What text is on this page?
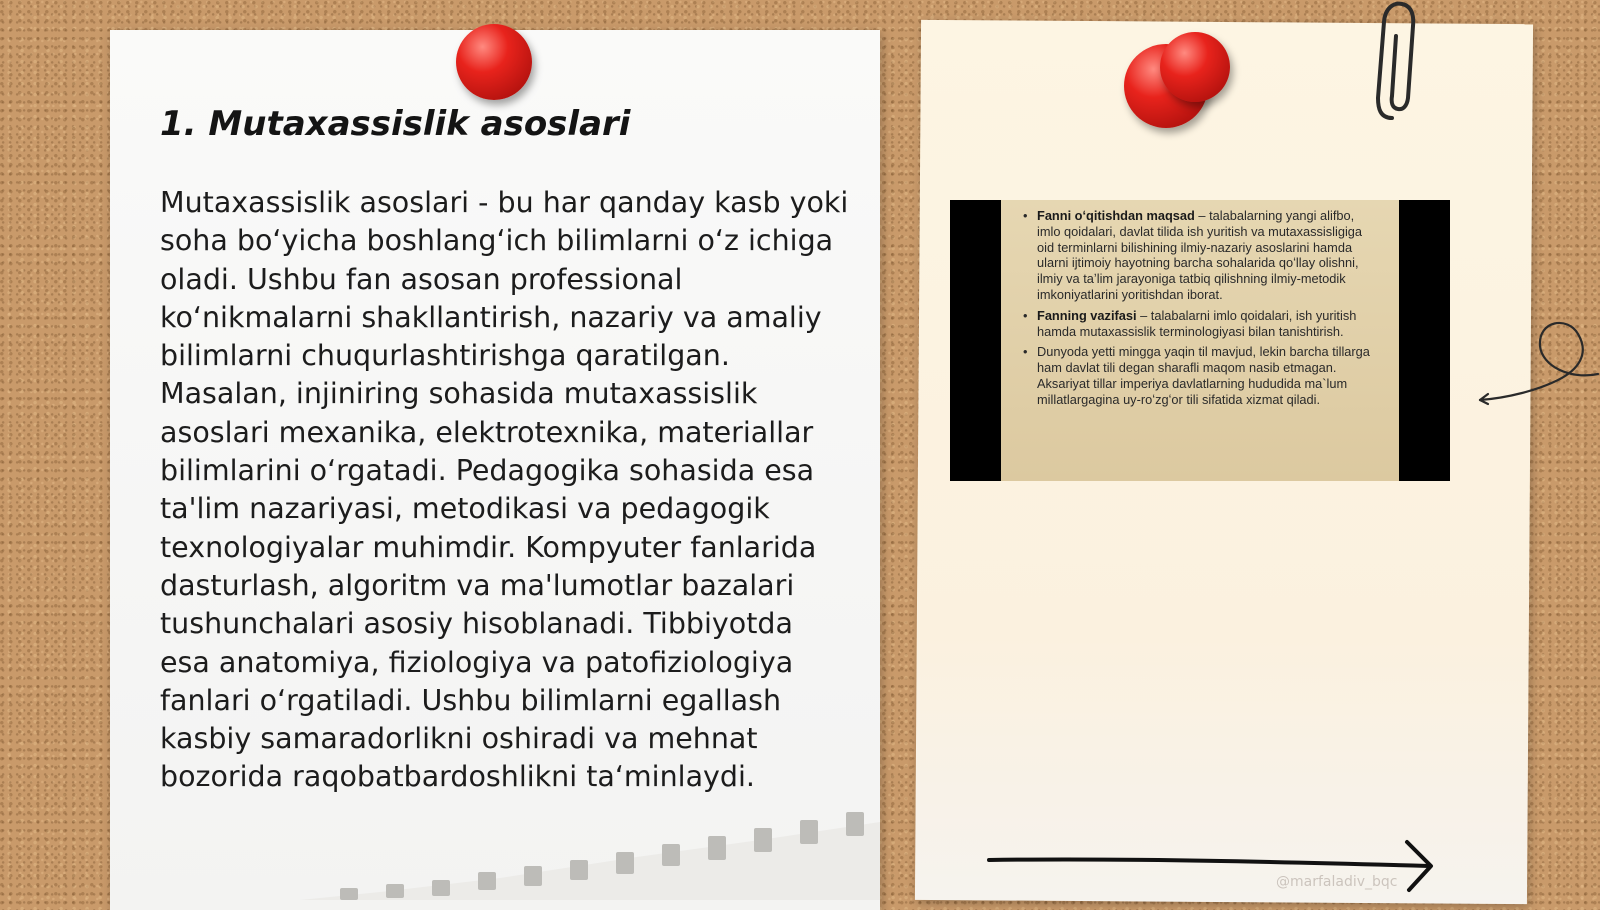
1. Mutaxassislik asoslari

Mutaxassislik asoslari - bu har qanday kasb yoki soha boʻyicha boshlangʻich bilimlarni oʻz ichiga oladi. Ushbu fan asosan professional koʻnikmalarni shakllantirish, nazariy va amaliy bilimlarni chuqurlashtirishga qaratilgan. Masalan, injiniring sohasida mutaxassislik asoslari mexanika, elektrotexnika, materiallar bilimlarini oʻrgatadi. Pedagogika sohasida esa ta'lim nazariyasi, metodikasi va pedagogik texnologiyalar muhimdir. Kompyuter fanlarida dasturlash, algoritm va ma'lumotlar bazalari tushunchalari asosiy hisoblanadi. Tibbiyotda esa anatomiya, fiziologiya va patofiziologiya fanlari oʻrgatiladi. Ushbu bilimlarni egallash kasbiy samaradorlikni oshiradi va mehnat bozorida raqobatbardoshlikni taʻminlaydi.

• Fanni oʻqitishdan maqsad – talabalarning yangi alifbo, imlo qoidalari, davlat tilida ish yuritish va mutaxassisligiga oid terminlarni bilishining ilmiy-nazariy asoslarini hamda ularni ijtimoiy hayotning barcha sohalarida qoʻllay olishni, ilmiy va taʼlim jarayoniga tatbiq qilishning ilmiy-metodik imkoniyatlarini yoritishdan iborat.
• Fanning vazifasi – talabalarni imlo qoidalari, ish yuritish hamda mutaxassislik terminologiyasi bilan tanishtirish.
• Dunyoda yetti mingga yaqin til mavjud, lekin barcha tillarga ham davlat tili degan sharafli maqom nasib etmagan. Aksariyat tillar imperiya davlatlarning hududida ma`lum millatlargagina uy-roʻzgʻor tili sifatida xizmat qiladi.
@marfaladiv_bqc
